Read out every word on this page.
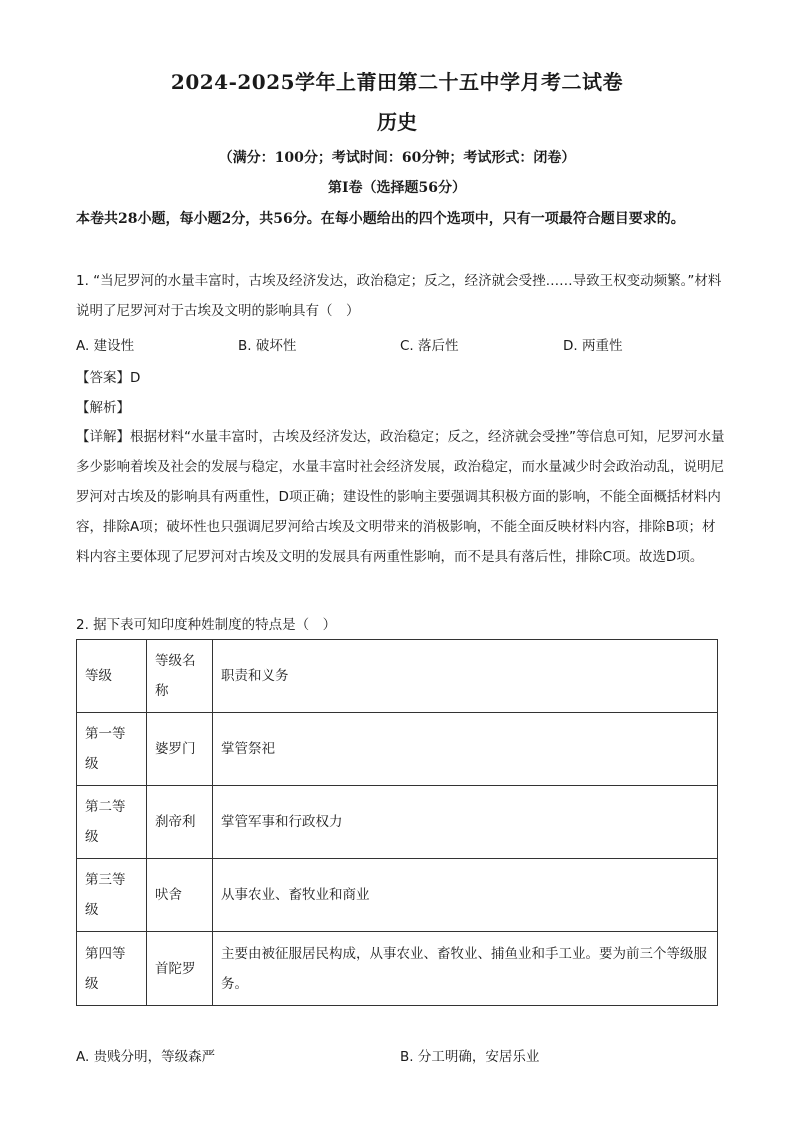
2024-2025学年上莆田第二十五中学月考二试卷
历史
（满分：100分；考试时间：60分钟；考试形式：闭卷）
第Ⅰ卷（选择题56分）
本卷共28小题，每小题2分，共56分。在每小题给出的四个选项中，只有一项最符合题目要求的。
1. “当尼罗河的水量丰富时，古埃及经济发达，政治稳定；反之，经济就会受挫……导致王权变动频繁。”材料说明了尼罗河对于古埃及文明的影响具有（　）
A. 建设性	B. 破坏性	C. 落后性	D. 两重性
【答案】D
【解析】
【详解】根据材料“水量丰富时，古埃及经济发达，政治稳定；反之，经济就会受挫”等信息可知，尼罗河水量多少影响着埃及社会的发展与稳定，水量丰富时社会经济发展，政治稳定，而水量减少时会政治动乱，说明尼罗河对古埃及的影响具有两重性，D项正确；建设性的影响主要强调其积极方面的影响，不能全面概括材料内容，排除A项；破坏性也只强调尼罗河给古埃及文明带来的消极影响，不能全面反映材料内容，排除B项；材料内容主要体现了尼罗河对古埃及文明的发展具有两重性影响，而不是具有落后性，排除C项。故选D项。
2. 据下表可知印度种姓制度的特点是（　）
等级	等级名称	职责和义务
第一等级	婆罗门	掌管祭祀
第二等级	刹帝利	掌管军事和行政权力
第三等级	吠舍	从事农业、畜牧业和商业
第四等级	首陀罗	主要由被征服居民构成，从事农业、畜牧业、捕鱼业和手工业。要为前三个等级服务。
A. 贵贱分明，等级森严	B. 分工明确，安居乐业
